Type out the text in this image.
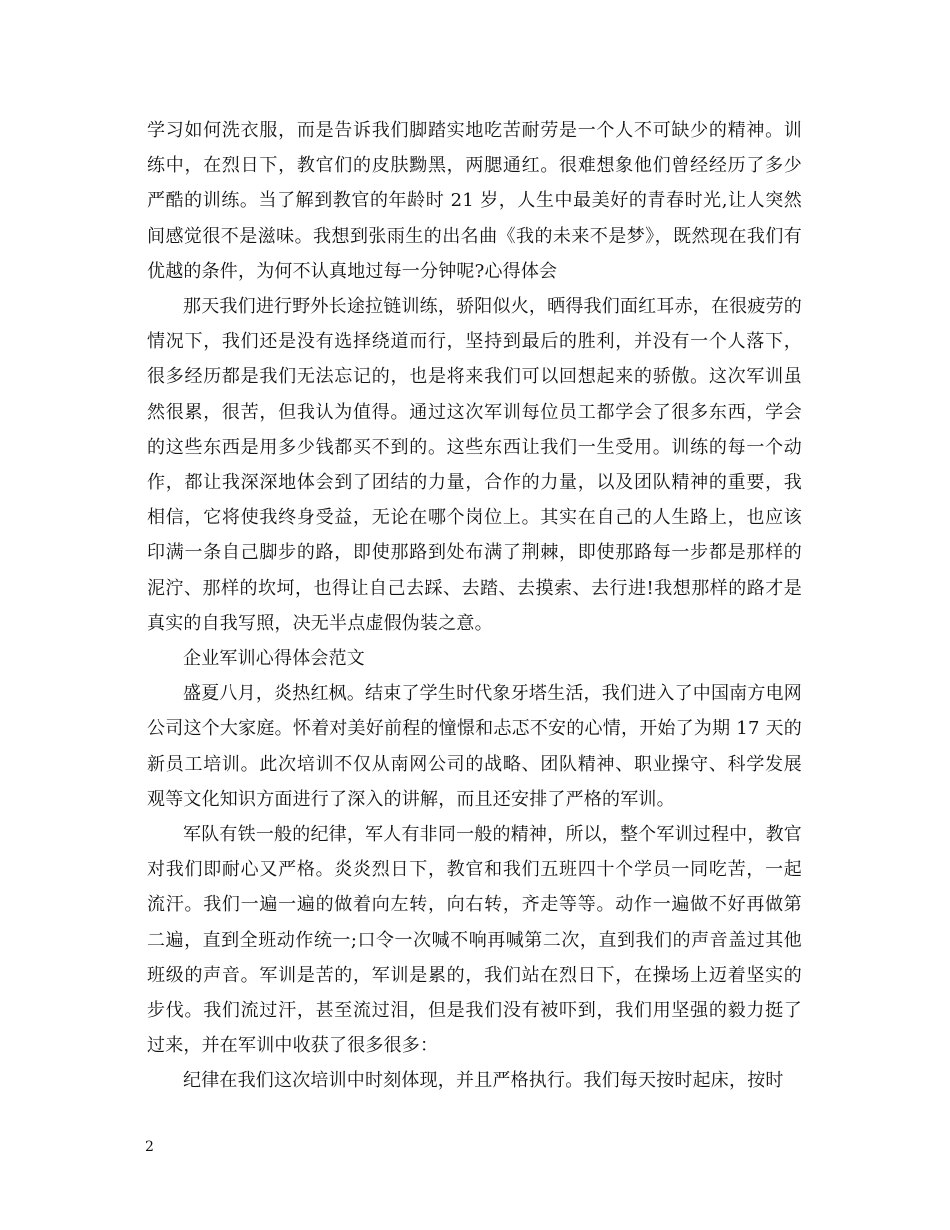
学习如何洗衣服，而是告诉我们脚踏实地吃苦耐劳是一个人不可缺少的精神。训练中，在烈日下，教官们的皮肤黝黑，两腮通红。很难想象他们曾经经历了多少严酷的训练。当了解到教官的年龄时 21 岁，人生中最美好的青春时光,让人突然间感觉很不是滋味。我想到张雨生的出名曲《我的未来不是梦》，既然现在我们有优越的条件，为何不认真地过每一分钟呢?心得体会

那天我们进行野外长途拉链训练，骄阳似火，晒得我们面红耳赤，在很疲劳的情况下，我们还是没有选择绕道而行，坚持到最后的胜利，并没有一个人落下，很多经历都是我们无法忘记的，也是将来我们可以回想起来的骄傲。这次军训虽然很累，很苦，但我认为值得。通过这次军训每位员工都学会了很多东西，学会的这些东西是用多少钱都买不到的。这些东西让我们一生受用。训练的每一个动作，都让我深深地体会到了团结的力量，合作的力量，以及团队精神的重要，我相信，它将使我终身受益，无论在哪个岗位上。其实在自己的人生路上，也应该印满一条自己脚步的路，即使那路到处布满了荆棘，即使那路每一步都是那样的泥泞、那样的坎坷，也得让自己去踩、去踏、去摸索、去行进!我想那样的路才是真实的自我写照，决无半点虚假伪装之意。

企业军训心得体会范文

盛夏八月，炎热红枫。结束了学生时代象牙塔生活，我们进入了中国南方电网公司这个大家庭。怀着对美好前程的憧憬和忐忑不安的心情，开始了为期 17 天的新员工培训。此次培训不仅从南网公司的战略、团队精神、职业操守、科学发展观等文化知识方面进行了深入的讲解，而且还安排了严格的军训。

军队有铁一般的纪律，军人有非同一般的精神，所以，整个军训过程中，教官对我们即耐心又严格。炎炎烈日下，教官和我们五班四十个学员一同吃苦，一起流汗。我们一遍一遍的做着向左转，向右转，齐走等等。动作一遍做不好再做第二遍，直到全班动作统一;口令一次喊不响再喊第二次，直到我们的声音盖过其他班级的声音。军训是苦的，军训是累的，我们站在烈日下，在操场上迈着坚实的步伐。我们流过汗，甚至流过泪，但是我们没有被吓到，我们用坚强的毅力挺了过来，并在军训中收获了很多很多：

纪律在我们这次培训中时刻体现，并且严格执行。我们每天按时起床，按时

2
